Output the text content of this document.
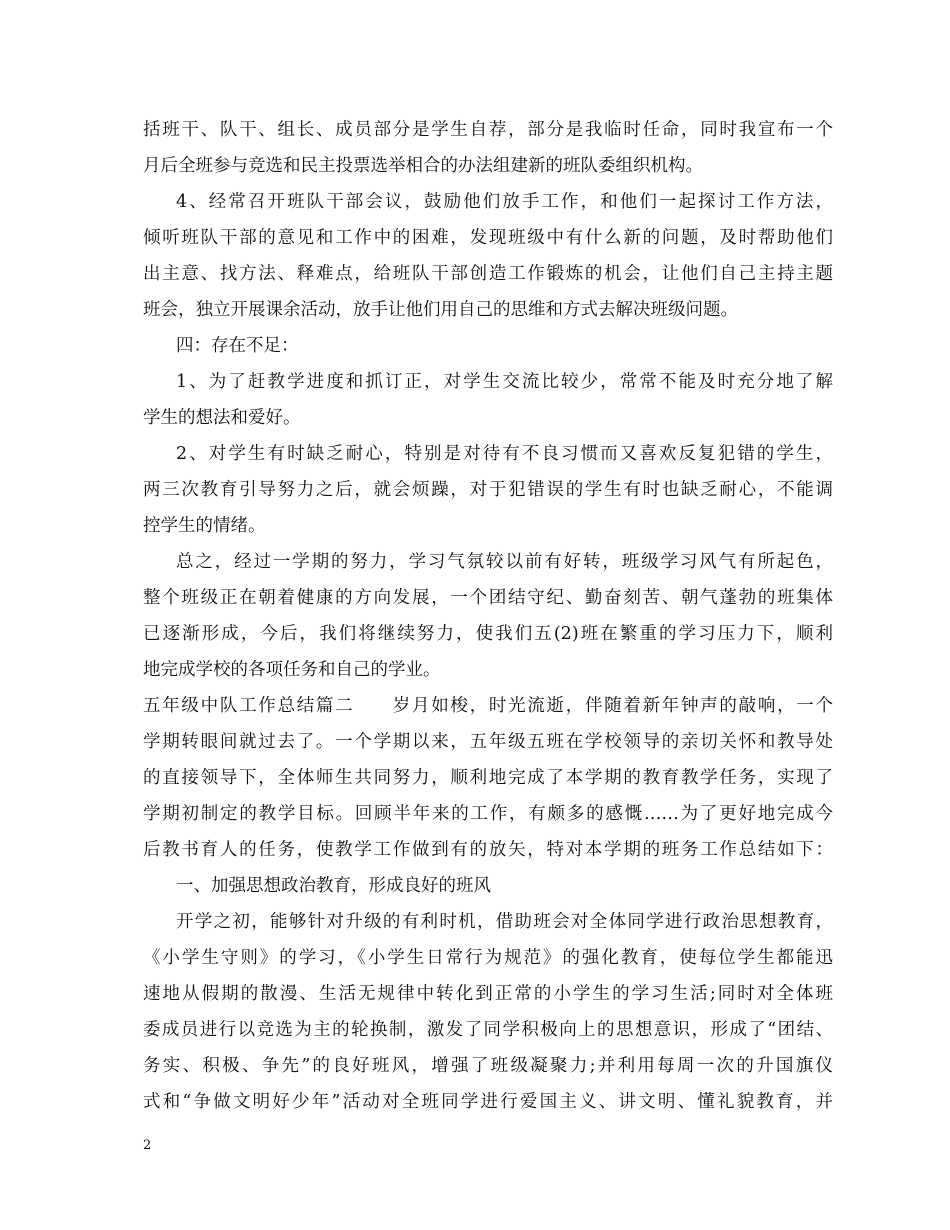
括班干、队干、组长、成员部分是学生自荐，部分是我临时任命，同时我宣布一个
月后全班参与竞选和民主投票选举相合的办法组建新的班队委组织机构。
4、经常召开班队干部会议，鼓励他们放手工作，和他们一起探讨工作方法，
倾听班队干部的意见和工作中的困难，发现班级中有什么新的问题，及时帮助他们
出主意、找方法、释难点，给班队干部创造工作锻炼的机会，让他们自己主持主题
班会，独立开展课余活动，放手让他们用自己的思维和方式去解决班级问题。
四：存在不足：
1、为了赶教学进度和抓订正，对学生交流比较少，常常不能及时充分地了解
学生的想法和爱好。
2、对学生有时缺乏耐心，特别是对待有不良习惯而又喜欢反复犯错的学生，
两三次教育引导努力之后，就会烦躁，对于犯错误的学生有时也缺乏耐心，不能调
控学生的情绪。
总之，经过一学期的努力，学习气氛较以前有好转，班级学习风气有所起色，
整个班级正在朝着健康的方向发展，一个团结守纪、勤奋刻苦、朝气蓬勃的班集体
已逐渐形成，今后，我们将继续努力，使我们五(2)班在繁重的学习压力下，顺利
地完成学校的各项任务和自己的学业。
五年级中队工作总结篇二　　岁月如梭，时光流逝，伴随着新年钟声的敲响，一个
学期转眼间就过去了。一个学期以来，五年级五班在学校领导的亲切关怀和教导处
的直接领导下，全体师生共同努力，顺利地完成了本学期的教育教学任务，实现了
学期初制定的教学目标。回顾半年来的工作，有颇多的感慨……为了更好地完成今
后教书育人的任务，使教学工作做到有的放矢，特对本学期的班务工作总结如下：
一、加强思想政治教育，形成良好的班风
开学之初，能够针对升级的有利时机，借助班会对全体同学进行政治思想教育，
《小学生守则》的学习，《小学生日常行为规范》的强化教育，使每位学生都能迅
速地从假期的散漫、生活无规律中转化到正常的小学生的学习生活;同时对全体班
委成员进行以竞选为主的轮换制，激发了同学积极向上的思想意识，形成了“团结、
务实、积极、争先”的良好班风，增强了班级凝聚力;并利用每周一次的升国旗仪
式和“争做文明好少年”活动对全班同学进行爱国主义、讲文明、懂礼貌教育，并
2
